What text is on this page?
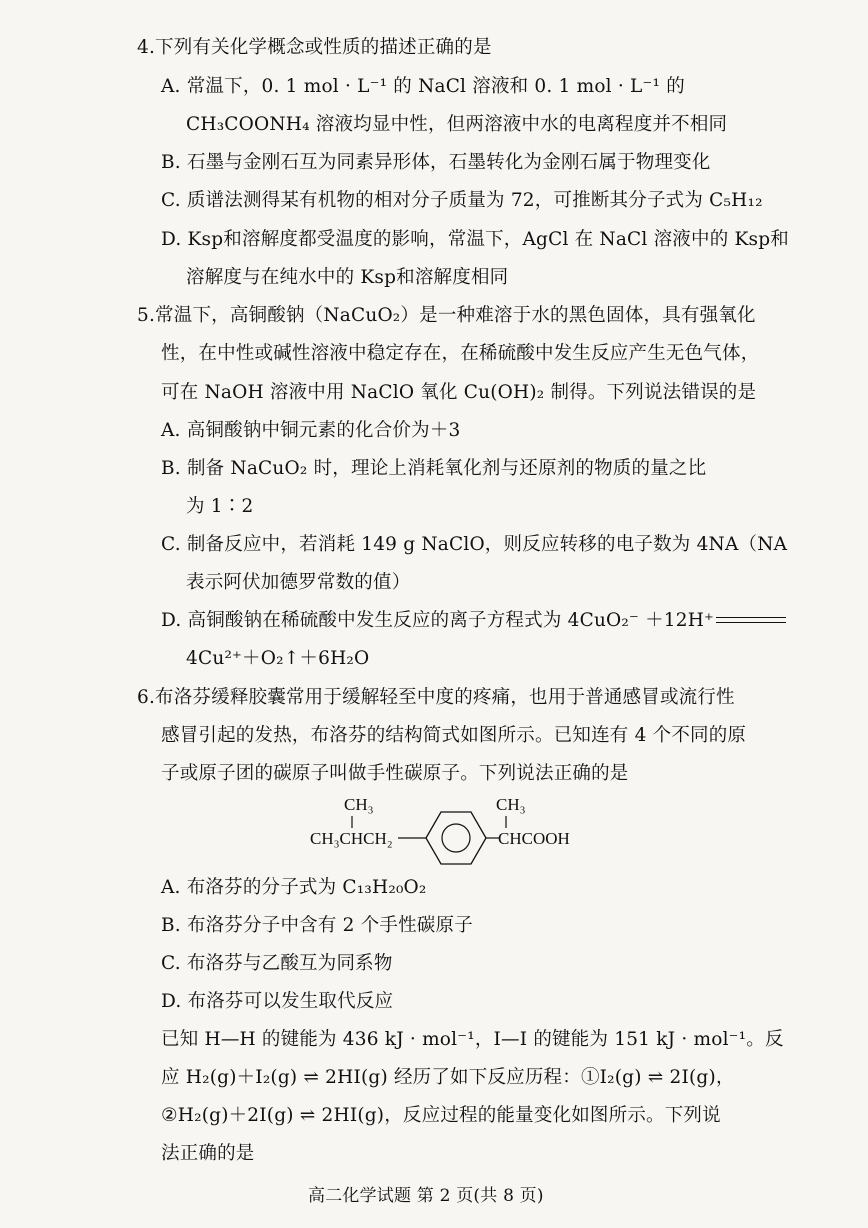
4.下列有关化学概念或性质的描述正确的是
A. 常温下，0. 1 mol · L⁻¹ 的 NaCl 溶液和 0. 1 mol · L⁻¹ 的
CH₃COONH₄ 溶液均显中性，但两溶液中水的电离程度并不相同
B. 石墨与金刚石互为同素异形体，石墨转化为金刚石属于物理变化
C. 质谱法测得某有机物的相对分子质量为 72，可推断其分子式为 C₅H₁₂
D. Ksp和溶解度都受温度的影响，常温下，AgCl 在 NaCl 溶液中的 Ksp和
溶解度与在纯水中的 Ksp和溶解度相同
5.常温下，高铜酸钠（NaCuO₂）是一种难溶于水的黑色固体，具有强氧化
性，在中性或碱性溶液中稳定存在，在稀硫酸中发生反应产生无色气体，
可在 NaOH 溶液中用 NaClO 氧化 Cu(OH)₂ 制得。下列说法错误的是
A. 高铜酸钠中铜元素的化合价为＋3
B. 制备 NaCuO₂ 时，理论上消耗氧化剂与还原剂的物质的量之比
为 1∶2
C. 制备反应中，若消耗 149 g NaClO，则反应转移的电子数为 4NA（NA
表示阿伏加德罗常数的值）
D. 高铜酸钠在稀硫酸中发生反应的离子方程式为 4CuO₂⁻ ＋12H⁺
4Cu²⁺＋O₂↑＋6H₂O
6.布洛芬缓释胶囊常用于缓解轻至中度的疼痛，也用于普通感冒或流行性
感冒引起的发热，布洛芬的结构简式如图所示。已知连有 4 个不同的原
子或原子团的碳原子叫做手性碳原子。下列说法正确的是
CH₃
CH₃CHCH₂
CH₃
CHCOOH
A. 布洛芬的分子式为 C₁₃H₂₀O₂
B. 布洛芬分子中含有 2 个手性碳原子
C. 布洛芬与乙酸互为同系物
D. 布洛芬可以发生取代反应
已知 H—H 的键能为 436 kJ · mol⁻¹，I—I 的键能为 151 kJ · mol⁻¹。反
应 H₂(g)＋I₂(g) ⇌ 2HI(g) 经历了如下反应历程：①I₂(g) ⇌ 2I(g)，
②H₂(g)＋2I(g) ⇌ 2HI(g)，反应过程的能量变化如图所示。下列说
法正确的是
高二化学试题 第 2 页(共 8 页)
